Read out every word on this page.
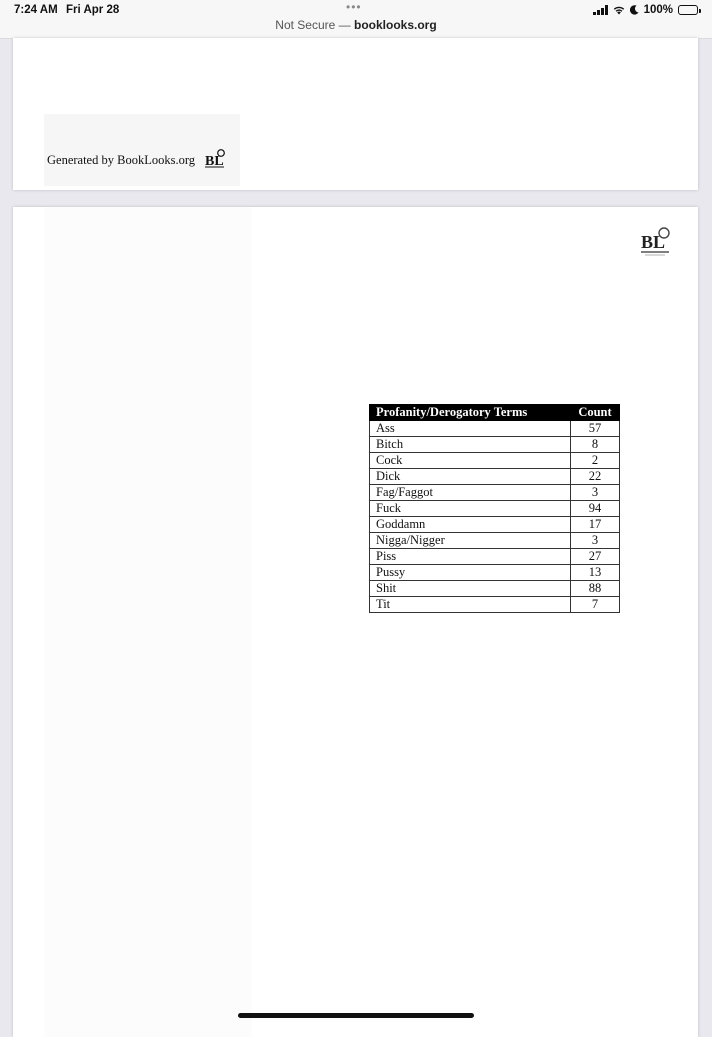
7:24 AM Fri Apr 28	•••
Not Secure — booklooks.org
100%
Generated by BookLooks.org BL
BL
Profanity/Derogatory Terms	Count
Ass	57
Bitch	8
Cock	2
Dick	22
Fag/Faggot	3
Fuck	94
Goddamn	17
Nigga/Nigger	3
Piss	27
Pussy	13
Shit	88
Tit	7
